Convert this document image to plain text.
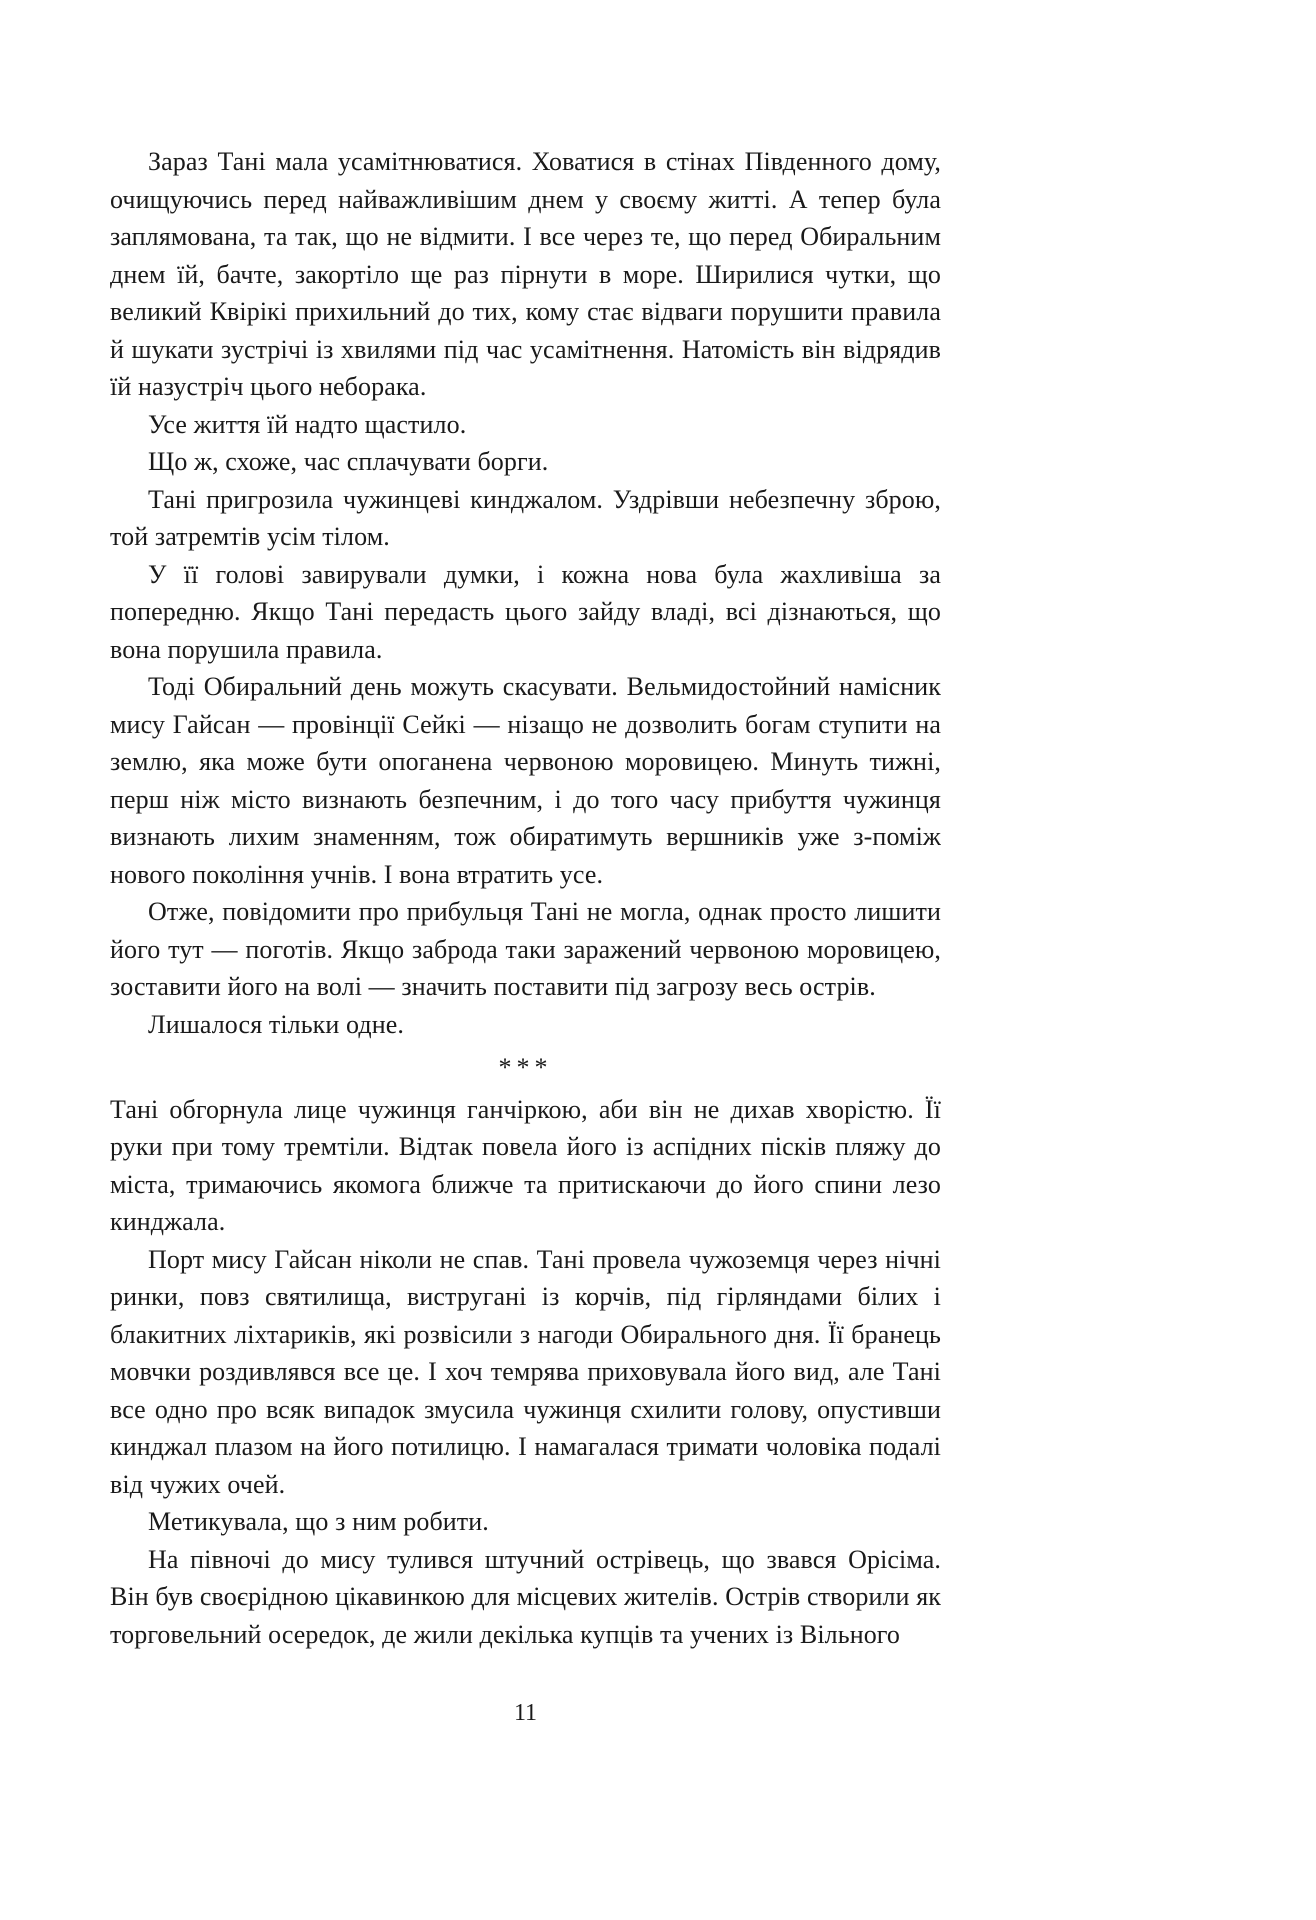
Зараз Тані мала усамітнюватися. Ховатися в стінах Південного дому, очищуючись перед найважливішим днем у своєму житті. А тепер була заплямована, та так, що не відмити. І все через те, що перед Обиральним днем їй, бачте, закортіло ще раз пірнути в море. Ширилися чутки, що великий Квірікі прихильний до тих, кому стає відваги порушити правила й шукати зустрічі із хвилями під час усамітнення. Натомість він відрядив їй назустріч цього неборака.

Усе життя їй надто щастило.

Що ж, схоже, час сплачувати борги.

Тані пригрозила чужинцеві кинджалом. Уздрівши небезпечну зброю, той затремтів усім тілом.

У її голові завирували думки, і кожна нова була жахливіша за попередню. Якщо Тані передасть цього зайду владі, всі дізнаються, що вона порушила правила.

Тоді Обиральний день можуть скасувати. Вельмидостойний намісник мису Гайсан — провінції Сейкі — нізащо не дозволить богам ступити на землю, яка може бути опоганена червоною моровицею. Минуть тижні, перш ніж місто визнають безпечним, і до того часу прибуття чужинця визнають лихим знаменням, тож обиратимуть вершників уже з-поміж нового покоління учнів. І вона втратить усе.

Отже, повідомити про прибульця Тані не могла, однак просто лишити його тут — поготів. Якщо заброда таки заражений червоною моровицею, зоставити його на волі — значить поставити під загрозу весь острів.

Лишалося тільки одне.

***

Тані обгорнула лице чужинця ганчіркою, аби він не дихав хворістю. Її руки при тому тремтіли. Відтак повела його із аспідних пісків пляжу до міста, тримаючись якомога ближче та притискаючи до його спини лезо кинджала.

Порт мису Гайсан ніколи не спав. Тані провела чужоземця через нічні ринки, повз святилища, вистругані із корчів, під гірляндами білих і блакитних ліхтариків, які розвісили з нагоди Обирального дня. Її бранець мовчки роздивлявся все це. І хоч темрява приховувала його вид, але Тані все одно про всяк випадок змусила чужинця схилити голову, опустивши кинджал плазом на його потилицю. І намагалася тримати чоловіка подалі від чужих очей.

Метикувала, що з ним робити.

На півночі до мису тулився штучний острівець, що звався Орісіма. Він був своєрідною цікавинкою для місцевих жителів. Острів створили як торговельний осередок, де жили декілька купців та учених із Вільного

11
